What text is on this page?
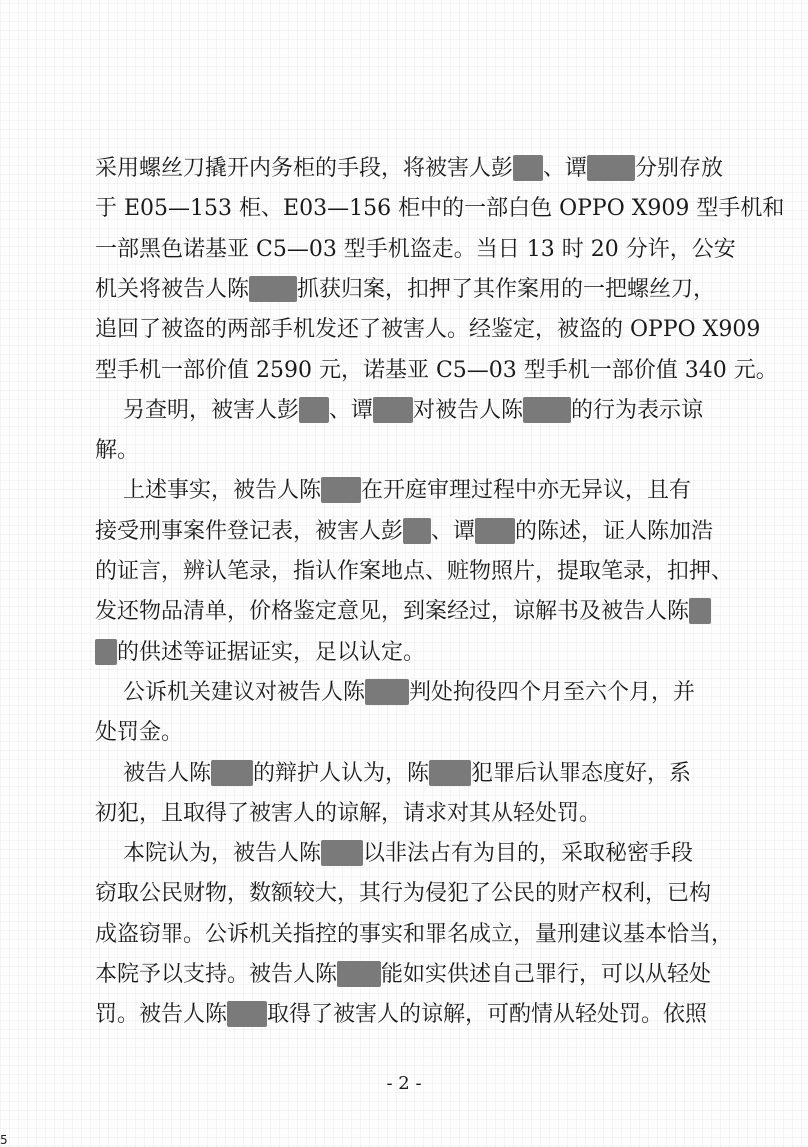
采用螺丝刀撬开内务柜的手段，将被害人彭 、谭 分别存放
于 E05—153 柜、E03—156 柜中的一部白色 OPPO X909 型手机和
一部黑色诺基亚 C5—03 型手机盗走。当日 13 时 20 分许，公安
机关将被告人陈 抓获归案，扣押了其作案用的一把螺丝刀，
追回了被盗的两部手机发还了被害人。经鉴定，被盗的 OPPO X909
型手机一部价值 2590 元，诺基亚 C5—03 型手机一部价值 340 元。
另查明，被害人彭 、谭 对被告人陈 的行为表示谅
解。
上述事实，被告人陈 在开庭审理过程中亦无异议，且有
接受刑事案件登记表，被害人彭 、谭 的陈述，证人陈加浩
的证言，辨认笔录，指认作案地点、赃物照片，提取笔录，扣押、
发还物品清单，价格鉴定意见，到案经过，谅解书及被告人陈
的供述等证据证实，足以认定。
公诉机关建议对被告人陈 判处拘役四个月至六个月，并
处罚金。
被告人陈 的辩护人认为，陈 犯罪后认罪态度好，系
初犯，且取得了被害人的谅解，请求对其从轻处罚。
本院认为，被告人陈 以非法占有为目的，采取秘密手段
窃取公民财物，数额较大，其行为侵犯了公民的财产权利，已构
成盗窃罪。公诉机关指控的事实和罪名成立，量刑建议基本恰当，
本院予以支持。被告人陈 能如实供述自己罪行，可以从轻处
罚。被告人陈 取得了被害人的谅解，可酌情从轻处罚。依照
- 2 -
5
